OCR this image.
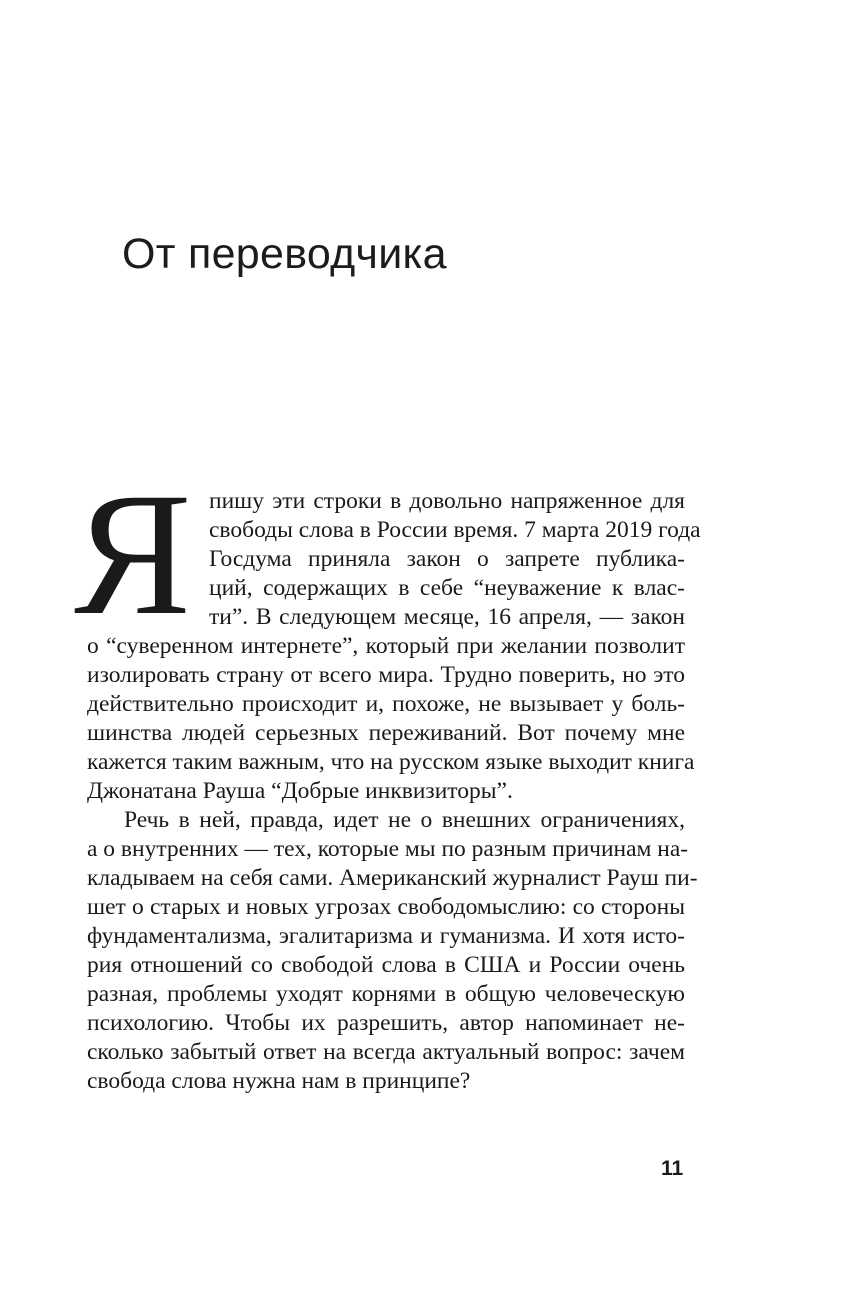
От переводчика
Я пишу эти строки в довольно напряженное для

свободы слова в России время. 7 марта 2019 года

Госдума приняла закон о запрете публика-

ций, содержащих в себе “неуважение к влас-

ти”. В следующем месяце, 16 апреля, — закон

о “суверенном интернете”, который при желании позволит

изолировать страну от всего мира. Трудно поверить, но это

действительно происходит и, похоже, не вызывает у боль-

шинства людей серьезных переживаний. Вот почему мне

кажется таким важным, что на русском языке выходит книга

Джонатана Рауша “Добрые инквизиторы”.

Речь в ней, правда, идет не о внешних ограничениях,

а о внутренних — тех, которые мы по разным причинам на-

кладываем на себя сами. Американский журналист Рауш пи-

шет о старых и новых угрозах свободомыслию: со стороны

фундаментализма, эгалитаризма и гуманизма. И хотя исто-

рия отношений со свободой слова в США и России очень

разная, проблемы уходят корнями в общую человеческую

психологию. Чтобы их разрешить, автор напоминает не-

сколько забытый ответ на всегда актуальный вопрос: зачем

свобода слова нужна нам в принципе?

11
